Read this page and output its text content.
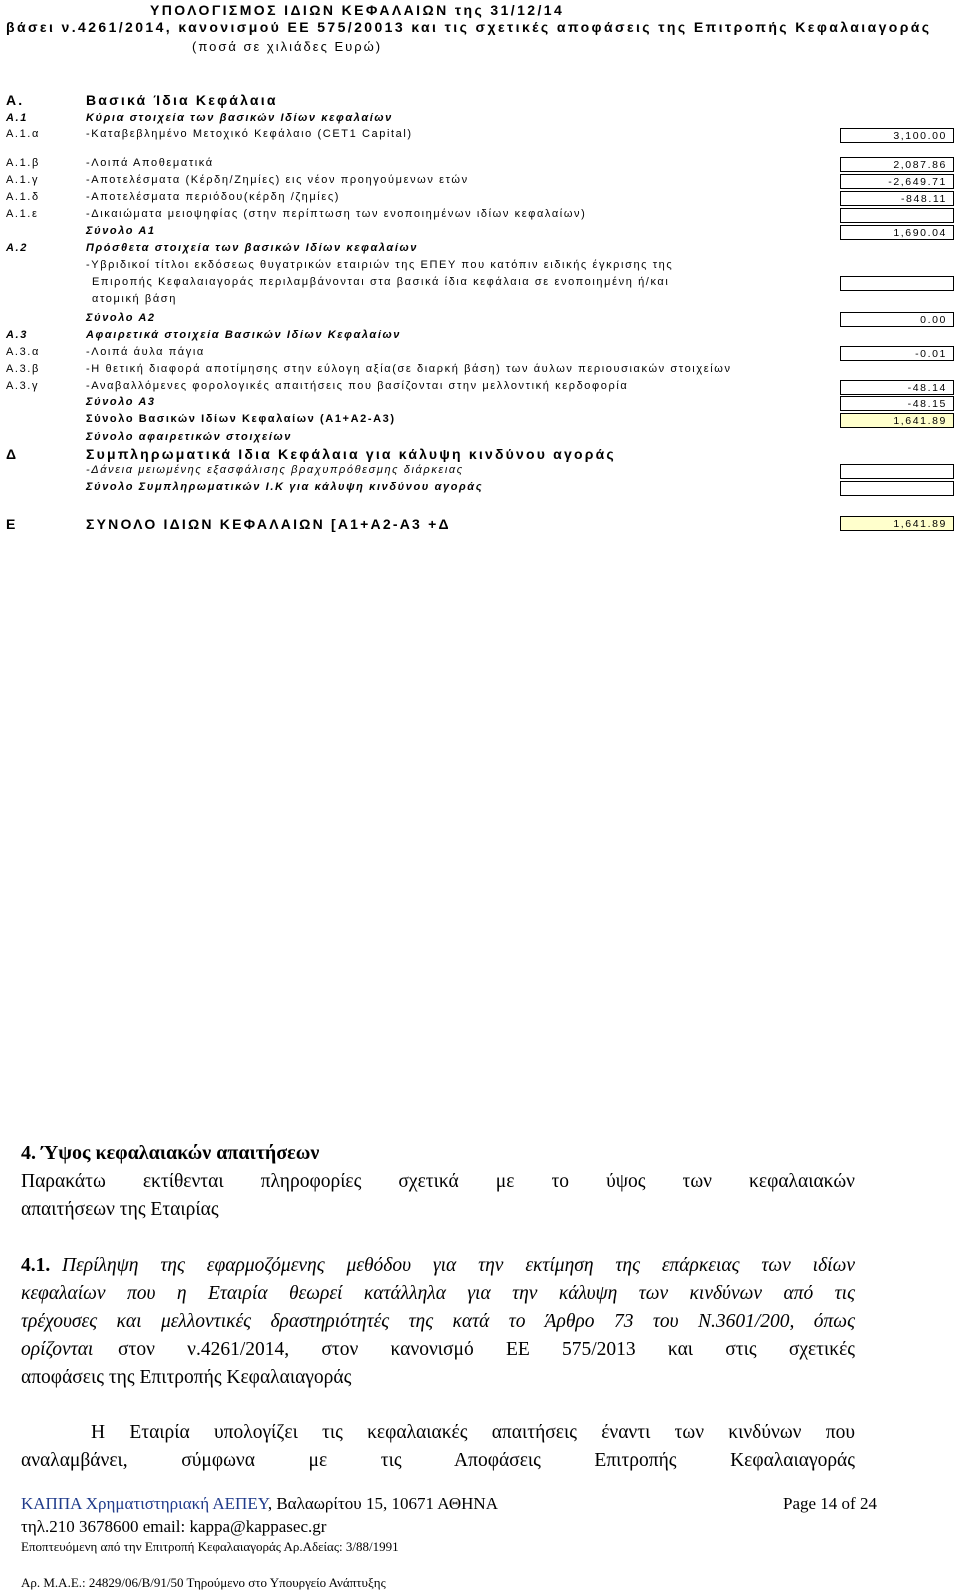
ΥΠΟΛΟΓΙΣΜΟΣ ΙΔΙΩΝ ΚΕΦΑΛΑΙΩΝ της 31/12/14
βάσει ν.4261/2014, κανονισμού ΕΕ 575/20013 και τις σχετικές αποφάσεις της Επιτροπής Κεφαλαιαγοράς
(ποσά σε χιλιάδες Ευρώ)
Α.	Βασικά Ίδια Κεφάλαια
Α.1	Κύρια στοιχεία των βασικών Ιδίων κεφαλαίων
Α.1.α	-Καταβεβλημένο Μετοχικό Κεφάλαιο (CET1 Capital)	3,100.00
Α.1.β	-Λοιπά Αποθεματικά	2,087.86
Α.1.γ	-Αποτελέσματα (Κέρδη/Ζημίες) εις νέον προηγούμενων ετών	-2,649.71
Α.1.δ	-Αποτελέσματα περιόδου(κέρδη /ζημίες)	-848.11
Α.1.ε	-Δικαιώματα μειοψηφίας (στην περίπτωση των ενοποιημένων ιδίων κεφαλαίων)
Σύνολο Α1	1,690.04
Α.2	Πρόσθετα στοιχεία των βασικών Ιδίων κεφαλαίων
-Υβριδικοί τίτλοι εκδόσεως θυγατρικών εταιριών της ΕΠΕΥ που κατόπιν ειδικής έγκρισης της
Επιροπής Κεφαλαιαγοράς περιλαμβάνονται στα βασικά ίδια κεφάλαια σε ενοποιημένη ή/και
ατομική βάση
Σύνολο Α2	0.00
Α.3	Αφαιρετικά στοιχεία Βασικών Ιδίων Κεφαλαίων
Α.3.α	-Λοιπά άυλα πάγια	-0.01
Α.3.β	-Η θετική διαφορά αποτίμησης στην εύλογη αξία(σε διαρκή βάση) των άυλων περιουσιακών στοιχείων
Α.3.γ	-Αναβαλλόμενες φορολογικές απαιτήσεις που βασίζονται στην μελλοντική κερδοφορία	-48.14
Σύνολο Α3	-48.15
Σύνολο Βασικών Ιδίων Κεφαλαίων (Α1+Α2-Α3)	1,641.89
Σύνολο αφαιρετικών στοιχείων
Δ	Συμπληρωματικά Ιδια Κεφάλαια για κάλυψη κινδύνου αγοράς
-Δάνεια μειωμένης εξασφάλισης βραχυπρόθεσμης διάρκειας
Σύνολο Συμπληρωματικών Ι.Κ για κάλυψη κινδύνου αγοράς
Ε	ΣΥΝΟΛΟ ΙΔΙΩΝ ΚΕΦΑΛΑΙΩΝ [Α1+Α2-Α3 +Δ	1,641.89
4. Ύψος κεφαλαιακών απαιτήσεων
Παρακάτω εκτίθενται πληροφορίες σχετικά με το ύψος των κεφαλαιακών
απαιτήσεων της Εταιρίας
4.1. Περίληψη της εφαρμοζόμενης μεθόδου για την εκτίμηση της επάρκειας των ιδίων
κεφαλαίων που η Εταιρία θεωρεί κατάλληλα για την κάλυψη των κινδύνων από τις
τρέχουσες και μελλοντικές δραστηριότητές της κατά το Άρθρο 73 του Ν.3601/200, όπως
ορίζονται στον ν.4261/2014, στον κανονισμό ΕΕ 575/2013 και στις σχετικές
αποφάσεις της Επιτροπής Κεφαλαιαγοράς
Η Εταιρία υπολογίζει τις κεφαλαιακές απαιτήσεις έναντι των κινδύνων που
αναλαμβάνει, σύμφωνα με τις Αποφάσεις Επιτροπής Κεφαλαιαγοράς
ΚΑΠΠΑ Χρηματιστηριακή ΑΕΠΕΥ, Βαλαωρίτου 15, 10671 ΑΘΗΝΑ	Page 14 of 24
τηλ.210 3678600 email: kappa@kappasec.gr
Εποπτευόμενη από την Επιτροπή Κεφαλαιαγοράς Αρ.Αδείας: 3/88/1991
Αρ. Μ.Α.Ε.: 24829/06/Β/91/50 Τηρούμενο στο Υπουργείο Ανάπτυξης
